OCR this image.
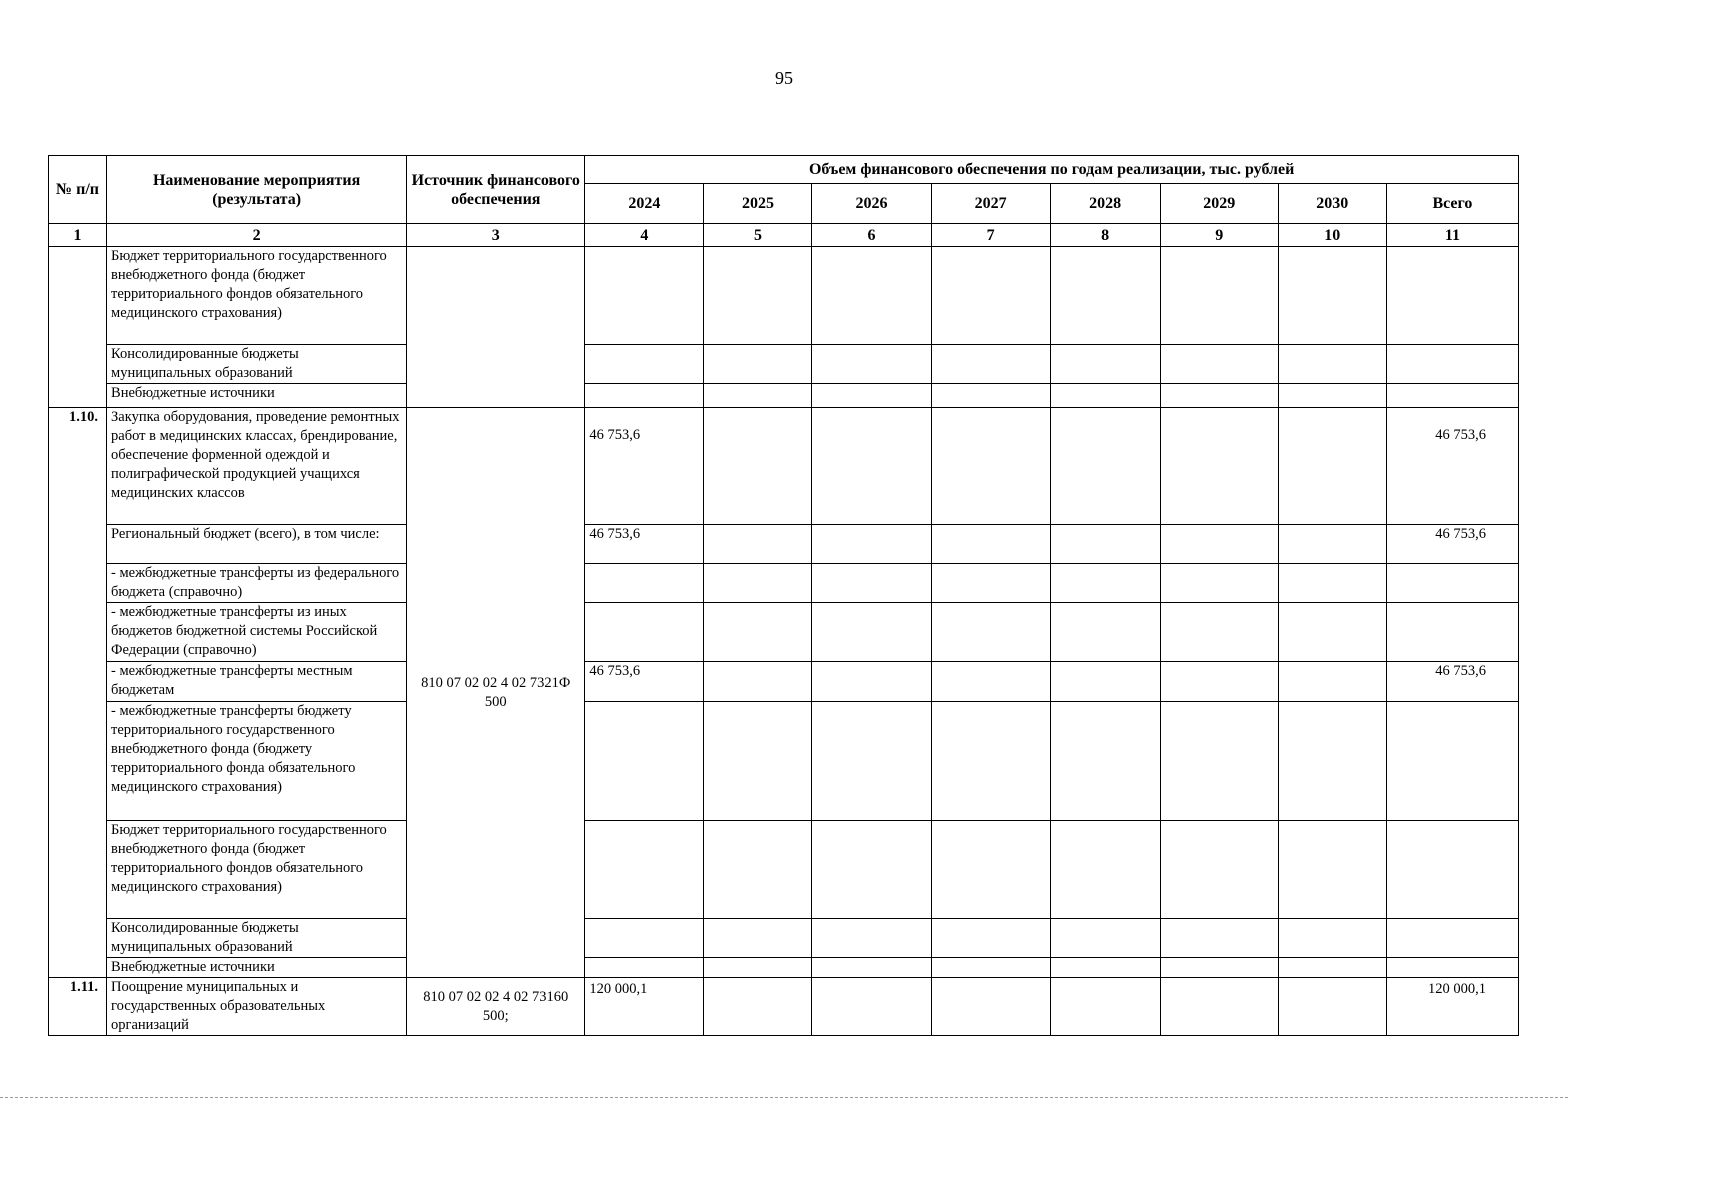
95
№ п/п	Наименование мероприятия (результата)	Источник финансового обеспечения	Объем финансового обеспечения по годам реализации, тыс. рублей							
			2024	2025	2026	2027	2028	2029	2030	Всего
1	2	3	4	5	6	7	8	9	10	11
	Бюджет территориального государственного внебюджетного фонда (бюджет территориального фондов обязательного медицинского страхования)									
	Консолидированные бюджеты муниципальных образований									
	Внебюджетные источники									
1.10.	Закупка оборудования, проведение ремонтных работ в медицинских классах, брендирование, обеспечение форменной одеждой и полиграфической продукцией учащихся медицинских классов	810 07 02 02 4 02 7321Ф 500	46 753,6							46 753,6
	Региональный бюджет (всего), в том числе:		46 753,6							46 753,6
	- межбюджетные трансферты из федерального бюджета (справочно)									
	- межбюджетные трансферты из иных бюджетов бюджетной системы Российской Федерации (справочно)									
	- межбюджетные трансферты местным бюджетам		46 753,6							46 753,6
	- межбюджетные трансферты бюджету территориального государственного внебюджетного фонда (бюджету территориального фонда обязательного медицинского страхования)									
	Бюджет территориального государственного внебюджетного фонда (бюджет территориального фондов обязательного медицинского страхования)									
	Консолидированные бюджеты муниципальных образований									
	Внебюджетные источники									
1.11.	Поощрение муниципальных и государственных образовательных организаций	810 07 02 02 4 02 73160 500;	120 000,1							120 000,1
